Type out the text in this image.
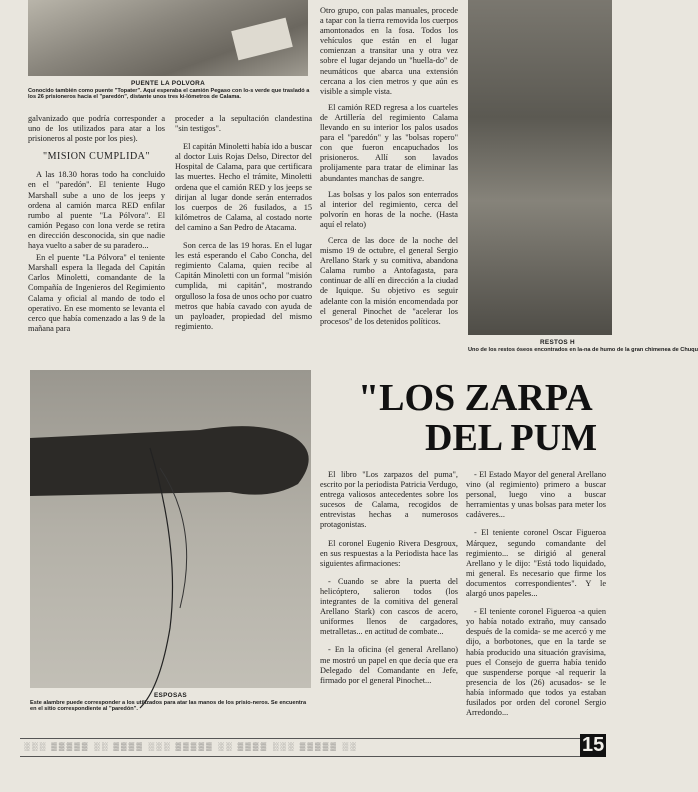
PUENTE LA POLVORA
Conocido también como puente "Topater". Aquí esperaba el camión Pegaso con lo-s verde que trasladó a los 26 prisioneros hacia el "paredón", distante unos tres ki-lómetros de Calama.
RESTOS H
Uno de los restos óseos encontrados en la-na de humo de la gran chimenea de Chuqu

galvanizado que podría corresponder a uno de los utilizados para atar a los prisioneros al poste por los pies).

"MISION CUMPLIDA"

A las 18.30 horas todo ha concluido en el "paredón". El teniente Hugo Marshall sube a uno de los jeeps y ordena al camión marca RED enfilar rumbo al puente "La Pólvora". El camión Pegaso con lona verde se retira en dirección desconocida, sin que nadie haya vuelto a saber de su paradero...

En el puente "La Pólvora" el teniente Marshall espera la llegada del Capitán Carlos Minoletti, comandante de la Compañía de Ingenieros del Regimiento Calama y oficial al mando de todo el operativo. En ese momento se levanta el cerco que había comenzado a las 9 de la mañana para

proceder a la sepultación clandestina "sin testigos".

El capitán Minoletti había ido a buscar al doctor Luis Rojas Delso, Director del Hospital de Calama, para que certificara las muertes. Hecho el trámite, Minoletti ordena que el camión RED y los jeeps se dirijan al lugar donde serán enterrados los cuerpos de 26 fusilados, a 15 kilómetros de Calama, al costado norte del camino a San Pedro de Atacama.

Son cerca de las 19 horas. En el lugar les está esperando el Cabo Concha, del regimiento Calama, quien recibe al Capitán Minoletti con un formal "misión cumplida, mi capitán", mostrando orgulloso la fosa de unos ocho por cuatro metros que había cavado con ayuda de un payloader, propiedad del mismo regimiento.

Otro grupo, con palas manuales, procede a tapar con la tierra removida los cuerpos amontonados en la fosa. Todos los vehículos que están en el lugar comienzan a transitar una y otra vez sobre el lugar dejando un "huella-do" de neumáticos que abarca una extensión cercana a los cien metros y que aún es visible a simple vista.

El camión RED regresa a los cuarteles de Artillería del regimiento Calama llevando en su interior los palos usados para el "paredón" y las "bolsas ropero" con que fueron encapuchados los prisioneros. Allí son lavados prolijamente para tratar de eliminar las abundantes manchas de sangre.

Las bolsas y los palos son enterrados al interior del regimiento, cerca del polvorín en horas de la noche. (Hasta aquí el relato)

Cerca de las doce de la noche del mismo 19 de octubre, el general Sergio Arellano Stark y su comitiva, abandona Calama rumbo a Antofagasta, para continuar de allí en dirección a la ciudad de Iquique. Su objetivo es seguir adelante con la misión encomendada por el general Pinochet de "acelerar los procesos" de los detenidos políticos.

ESPOSAS
Este alambre puede corresponder a los utilizados para atar las manos de los prisio-neros. Se encuentra en el sitio correspondiente al "paredón".
"LOS ZARPA
DEL PUM

El libro "Los zarpazos del puma", escrito por la periodista Patricia Verdugo, entrega valiosos antecedentes sobre los sucesos de Calama, recogidos de entrevistas hechas a numerosos protagonistas.

El coronel Eugenio Rivera Desgroux, en sus respuestas a la Periodista hace las siguientes afirmaciones:

- Cuando se abre la puerta del helicóptero, salieron todos (los integrantes de la comitiva del general Arellano Stark) con cascos de acero, uniformes llenos de cargadores, metralletas... en actitud de combate...

- En la oficina (el general Arellano) me mostró un papel en que decía que era Delegado del Comandante en Jefe, firmado por el general Pinochet...

- El Estado Mayor del general Arellano vino (al regimiento) primero a buscar personal, luego vino a buscar herramientas y unas bolsas para meter los cadáveres...

- El teniente coronel Oscar Figueroa Márquez, segundo comandante del regimiento... se dirigió al general Arellano y le dijo: "Está todo liquidado, mi general. Es necesario que firme los documentos correspondientes". Y le alargó unos papeles...

- El teniente coronel Figueroa -a quien yo había notado extraño, muy cansado después de la comida- se me acercó y me dijo, a borbotones, que en la tarde se había producido una situación gravísima, pues el Consejo de guerra había tenido que suspenderse porque -al requerir la presencia de los (26) acusados- se le había informado que todos ya estaban fusilados por orden del coronel Sergio Arredondo...

░░░ ▒▒▒▒▒ ░░ ▒▒▒▒ ░░░ ▒▒▒▒▒ ░░ ▒▒▒▒ ░░░ ▒▒▒▒▒ ░░	15
